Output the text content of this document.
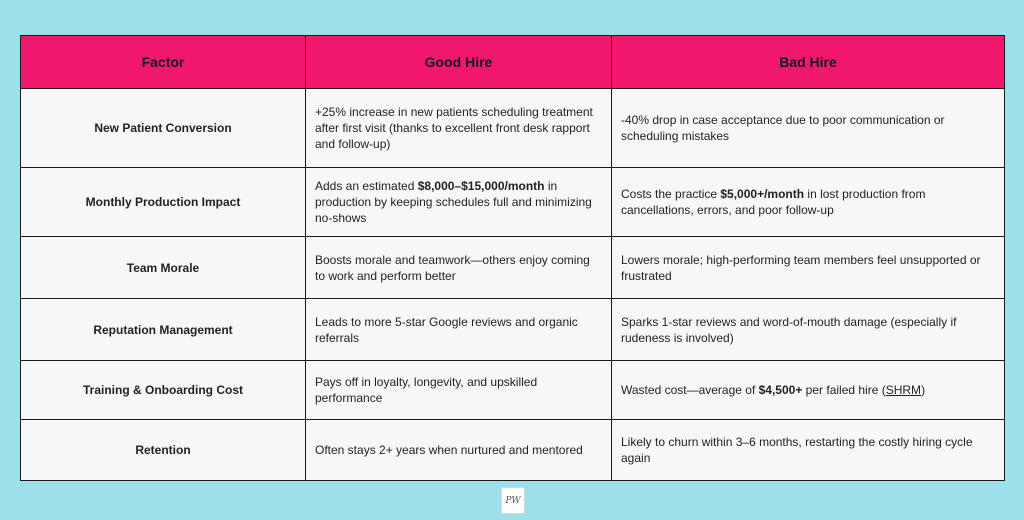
Factor	Good Hire	Bad Hire
New Patient Conversion	+25% increase in new patients scheduling treatment after first visit (thanks to excellent front desk rapport and follow-up)	-40% drop in case acceptance due to poor communication or scheduling mistakes
Monthly Production Impact	Adds an estimated $8,000–$15,000/month in production by keeping schedules full and minimizing no-shows	Costs the practice $5,000+/month in lost production from cancellations, errors, and poor follow-up
Team Morale	Boosts morale and teamwork—others enjoy coming to work and perform better	Lowers morale; high-performing team members feel unsupported or frustrated
Reputation Management	Leads to more 5-star Google reviews and organic referrals	Sparks 1-star reviews and word-of-mouth damage (especially if rudeness is involved)
Training & Onboarding Cost	Pays off in loyalty, longevity, and upskilled performance	Wasted cost—average of $4,500+ per failed hire (SHRM)
Retention	Often stays 2+ years when nurtured and mentored	Likely to churn within 3–6 months, restarting the costly hiring cycle again
PW
